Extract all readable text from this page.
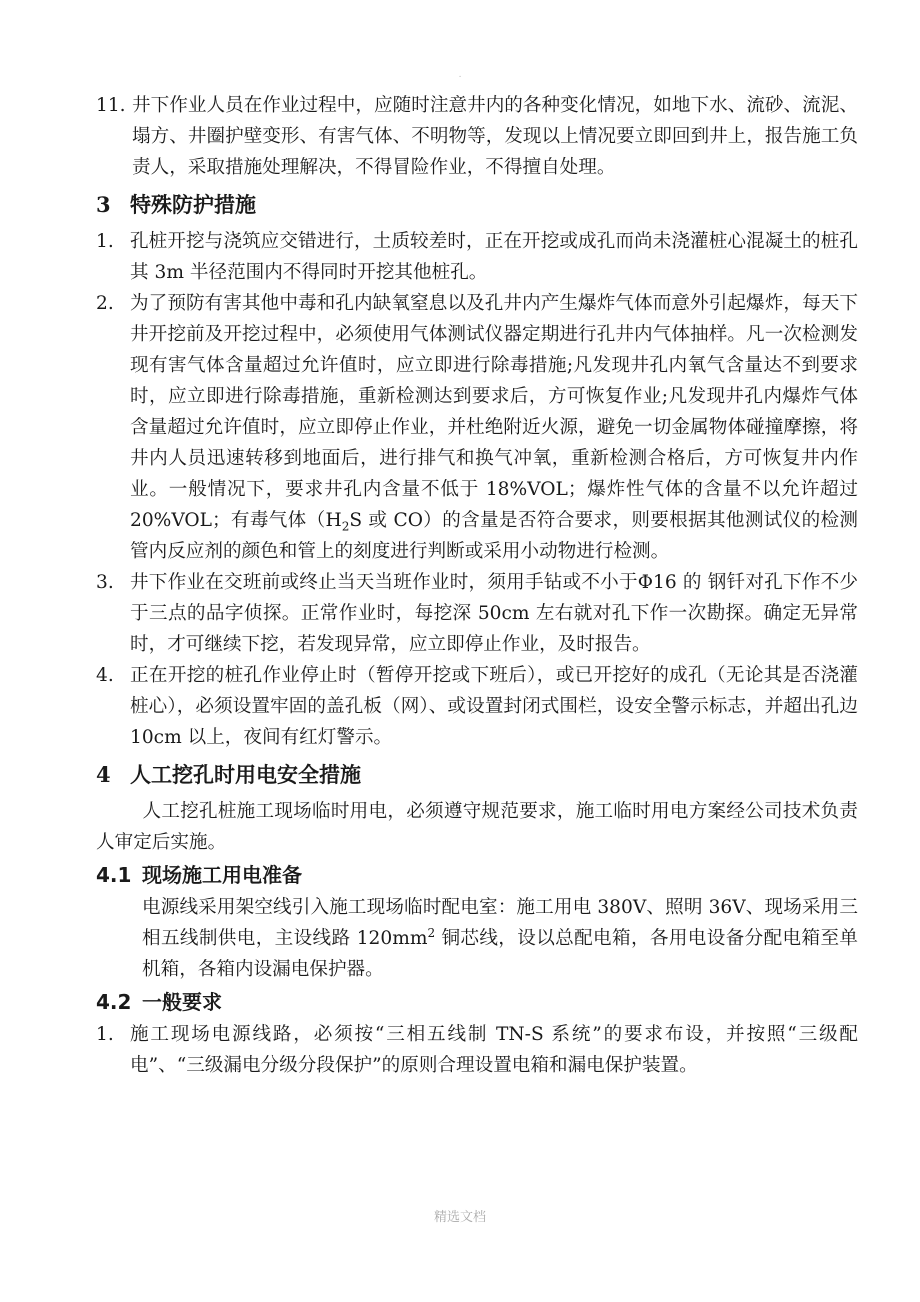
.
11. 井下作业人员在作业过程中，应随时注意井内的各种变化情况，如地下水、流砂、流泥、塌方、井圈护壁变形、有害气体、不明物等，发现以上情况要立即回到井上，报告施工负责人，采取措施处理解决，不得冒险作业，不得擅自处理。
3 特殊防护措施
1. 孔桩开挖与浇筑应交错进行，土质较差时，正在开挖或成孔而尚未浇灌桩心混凝土的桩孔其 3m 半径范围内不得同时开挖其他桩孔。
2. 为了预防有害其他中毒和孔内缺氧窒息以及孔井内产生爆炸气体而意外引起爆炸，每天下井开挖前及开挖过程中，必须使用气体测试仪器定期进行孔井内气体抽样。凡一次检测发现有害气体含量超过允许值时，应立即进行除毒措施;凡发现井孔内氧气含量达不到要求时，应立即进行除毒措施，重新检测达到要求后，方可恢复作业;凡发现井孔内爆炸气体含量超过允许值时，应立即停止作业，并杜绝附近火源，避免一切金属物体碰撞摩擦，将井内人员迅速转移到地面后，进行排气和换气冲氧，重新检测合格后，方可恢复井内作业。一般情况下，要求井孔内含量不低于 18%VOL；爆炸性气体的含量不以允许超过 20%VOL；有毒气体（$H_2S$ 或 CO）的含量是否符合要求，则要根据其他测试仪的检测管内反应剂的颜色和管上的刻度进行判断或采用小动物进行检测。
3. 井下作业在交班前或终止当天当班作业时，须用手钻或不小于Φ16 的 钢钎对孔下作不少于三点的品字侦探。正常作业时，每挖深 50cm 左右就对孔下作一次勘探。确定无异常时，才可继续下挖，若发现异常，应立即停止作业，及时报告。
4. 正在开挖的桩孔作业停止时（暂停开挖或下班后），或已开挖好的成孔（无论其是否浇灌桩心），必须设置牢固的盖孔板（网）、或设置封闭式围栏，设安全警示标志，并超出孔边 10cm 以上，夜间有红灯警示。
4 人工挖孔时用电安全措施
人工挖孔桩施工现场临时用电，必须遵守规范要求，施工临时用电方案经公司技术负责人审定后实施。
4.1 现场施工用电准备
电源线采用架空线引入施工现场临时配电室：施工用电 380V、照明 36V、现场采用三相五线制供电，主设线路 $120mm^2$ 铜芯线，设以总配电箱，各用电设备分配电箱至单机箱，各箱内设漏电保护器。
4.2 一般要求
1. 施工现场电源线路，必须按“三相五线制 TN-S 系统”的要求布设，并按照“三级配电”、“三级漏电分级分段保护”的原则合理设置电箱和漏电保护装置。
精选文档
